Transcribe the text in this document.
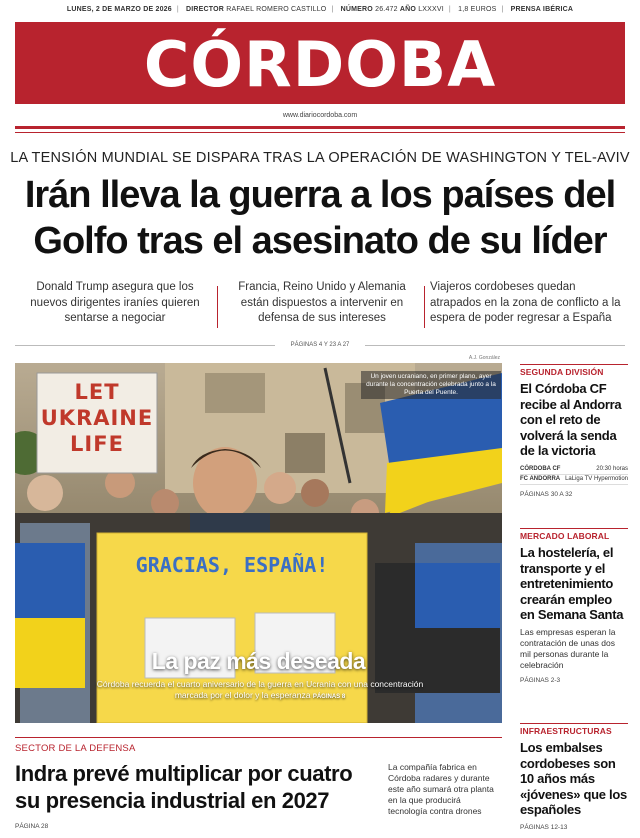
LUNES, 2 DE MARZO DE 2026 | DIRECTOR RAFAEL ROMERO CASTILLO | NÚMERO 26.472 AÑO LXXXVI | 1,8 EUROS | PRENSA IBÉRICA
CÓRDOBA
www.diariocordoba.com
LA TENSIÓN MUNDIAL SE DISPARA TRAS LA OPERACIÓN DE WASHINGTON Y TEL-AVIV
Irán lleva la guerra a los países del Golfo tras el asesinato de su líder
Donald Trump asegura que los nuevos dirigentes iraníes quieren sentarse a negociar
Francia, Reino Unido y Alemania están dispuestos a intervenir en defensa de sus intereses
Viajeros cordobeses quedan atrapados en la zona de conflicto a la espera de poder regresar a España
PÁGINAS 4 Y 23 A 27
A.J. González
LET UKRAINE LIFE
GRACIAS, ESPAÑA!
Un joven ucraniano, en primer plano, ayer durante la concentración celebrada junto a la Puerta del Puente.
La paz más deseada
Córdoba recuerda el cuarto aniversario de la guerra en Ucrania con una concentración marcada por el dolor y la esperanza PÁGINAS 8
SEGUNDA DIVISIÓN
El Córdoba CF recibe al Andorra con el reto de volverá la senda de la victoria
CÓRDOBA CF	20:30 horas
FC ANDORRA LaLiga TV Hypermotion
PÁGINAS 30 A 32
MERCADO LABORAL
La hostelería, el transporte y el entretenimiento crearán empleo en Semana Santa
Las empresas esperan la contratación de unas dos mil personas durante la celebración
PÁGINAS 2-3
INFRAESTRUCTURAS
Los embalses cordobeses son 10 años más «jóvenes» que los españoles
PÁGINAS 12-13
SECTOR DE LA DEFENSA
Indra prevé multiplicar por cuatro su presencia industrial en 2027
La compañía fabrica en Córdoba radares y durante este año sumará otra planta en la que producirá tecnología contra drones
PÁGINA 28
